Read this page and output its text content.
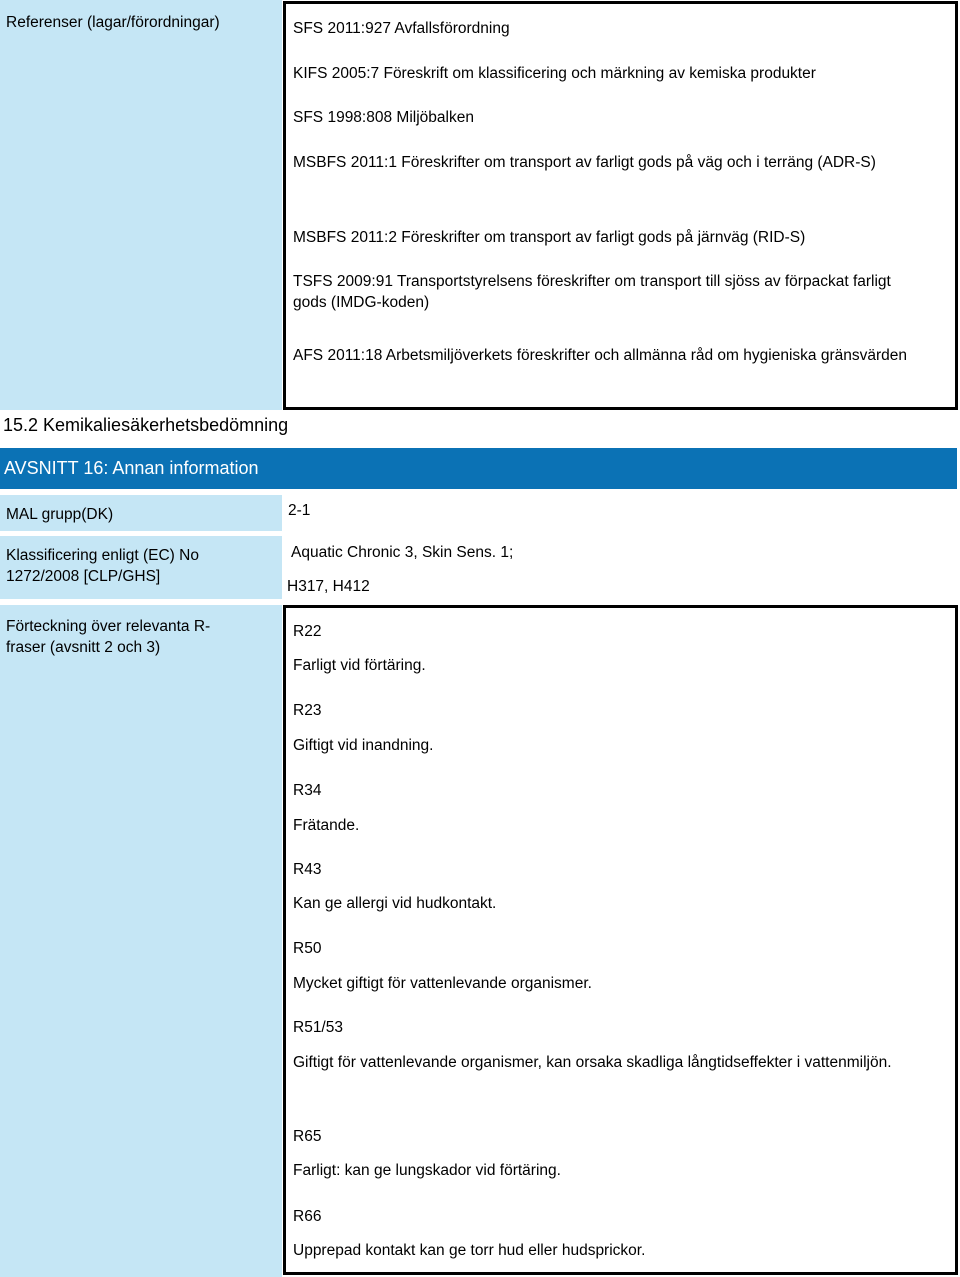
Referenser (lagar/förordningar)	SFS 2011:927 Avfallsförordning
KIFS 2005:7 Föreskrift om klassificering och märkning av kemiska produkter
SFS 1998:808 Miljöbalken
MSBFS 2011:1 Föreskrifter om transport av farligt gods på väg och i terräng (ADR-S)
MSBFS 2011:2 Föreskrifter om transport av farligt gods på järnväg (RID-S)
TSFS 2009:91 Transportstyrelsens föreskrifter om transport till sjöss av förpackat farligt gods (IMDG-koden)
AFS 2011:18 Arbetsmiljöverkets föreskrifter och allmänna råd om hygieniska gränsvärden
15.2 Kemikaliesäkerhetsbedömning
AVSNITT 16: Annan information
MAL grupp(DK)	2-1
Klassificering enligt (EC) No 1272/2008 [CLP/GHS]
Aquatic Chronic 3, Skin Sens. 1;
H317, H412
Förteckning över relevanta R-fraser (avsnitt 2 och 3)
R22
Farligt vid förtäring.
R23
Giftigt vid inandning.
R34
Frätande.
R43
Kan ge allergi vid hudkontakt.
R50
Mycket giftigt för vattenlevande organismer.
R51/53
Giftigt för vattenlevande organismer, kan orsaka skadliga långtidseffekter i vattenmiljön.
R65
Farligt: kan ge lungskador vid förtäring.
R66
Upprepad kontakt kan ge torr hud eller hudsprickor.
